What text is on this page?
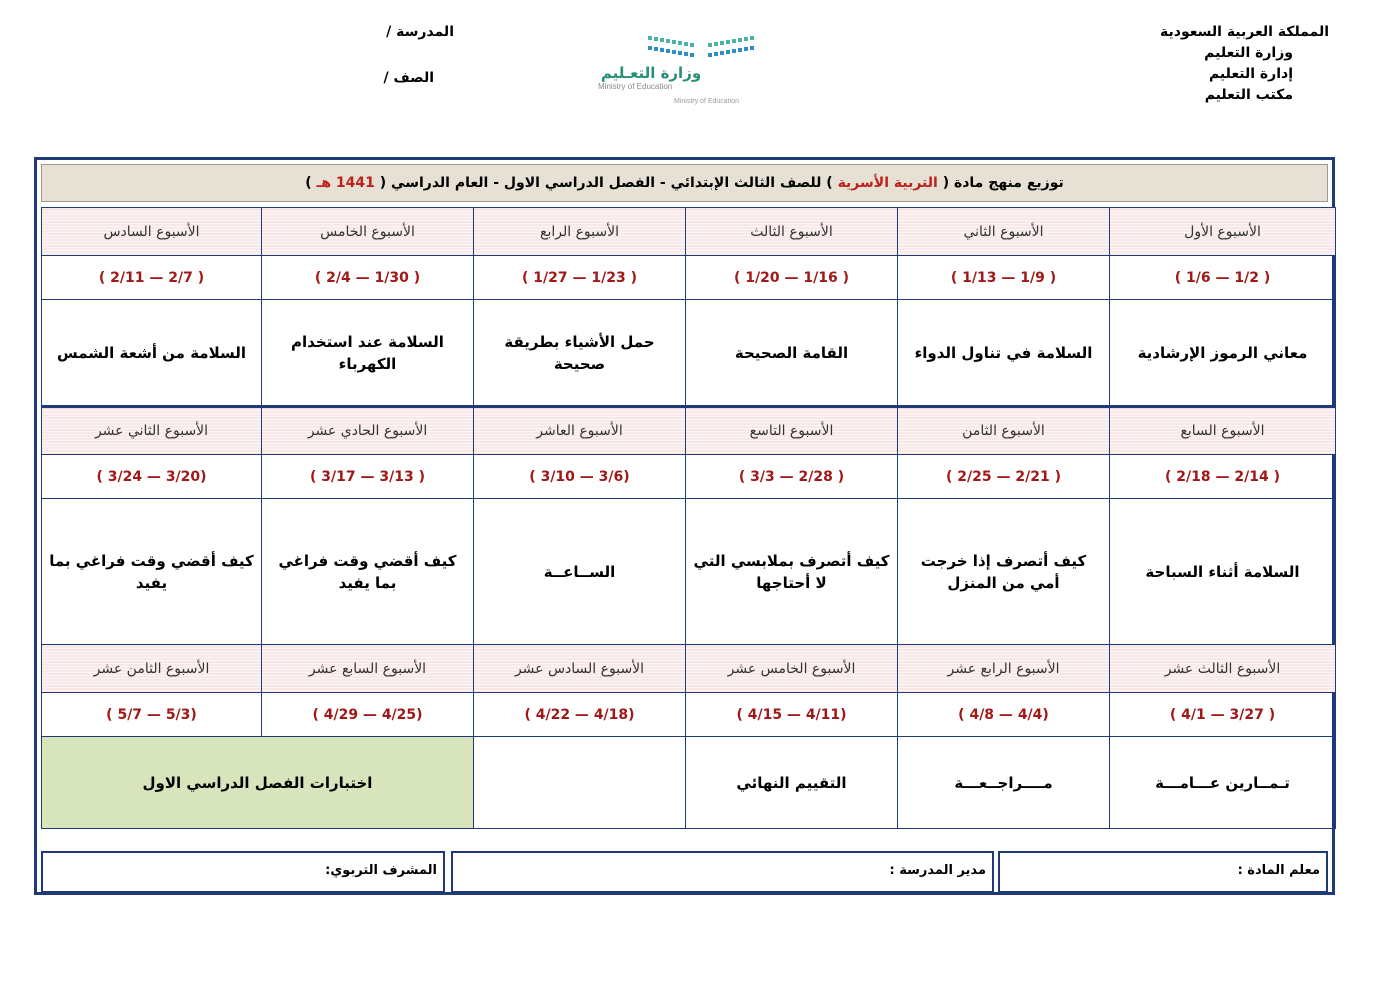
المملكة العربية السعودية
وزارة التعليم
إدارة التعليم
مكتب التعليم
المدرسة /
الصف /	وزارة التعـليم
Ministry of Education
Ministry of Education
توزيع منهج مادة ( التربية الأسرية ) للصف الثالث الإبتدائي - الفصل الدراسي الاول - العام الدراسي ( 1441 هـ )
الأسبوع الأول	الأسبوع الثاني	الأسبوع الثالث	الأسبوع الرابع	الأسبوع الخامس	الأسبوع السادس
( 1/2 — 1/6 )	( 1/9 — 1/13 )	( 1/16 — 1/20 )	( 1/23 — 1/27 )	( 1/30 — 2/4 )	( 2/7 — 2/11 )
معاني الرموز الإرشادية	السلامة في تناول الدواء	القامة الصحيحة	حمل الأشياء بطريقة صحيحة	السلامة عند استخدام الكهرباء	السلامة من أشعة الشمس
الأسبوع السابع	الأسبوع الثامن	الأسبوع التاسع	الأسبوع العاشر	الأسبوع الحادي عشر	الأسبوع الثاني عشر
( 2/14 — 2/18 )	( 2/21 — 2/25 )	( 2/28 — 3/3 )	(3/6 — 3/10 )	( 3/13 — 3/17 )	(3/20 — 3/24 )
السلامة أثناء السباحة	كيف أتصرف إذا خرجت أمي من المنزل	كيف أتصرف بملابسي التي لا أحتاجها	الســاعــة	كيف أقضي وقت فراغي بما يفيد	كيف أقضي وقت فراغي بما يفيد
الأسبوع الثالث عشر	الأسبوع الرابع عشر	الأسبوع الخامس عشر	الأسبوع السادس عشر	الأسبوع السابع عشر	الأسبوع الثامن عشر
( 3/27 — 4/1 )	(4/4 — 4/8 )	(4/11 — 4/15 )	(4/18 — 4/22 )	(4/25 — 4/29 )	(5/3 — 5/7 )
تـمــارين عـــامـــة	مــــراجــعـــة	التقييم النهائي		اختبارات الفصل الدراسي الاول	
معلم المادة :
مدير المدرسة :
المشرف التربوي:
